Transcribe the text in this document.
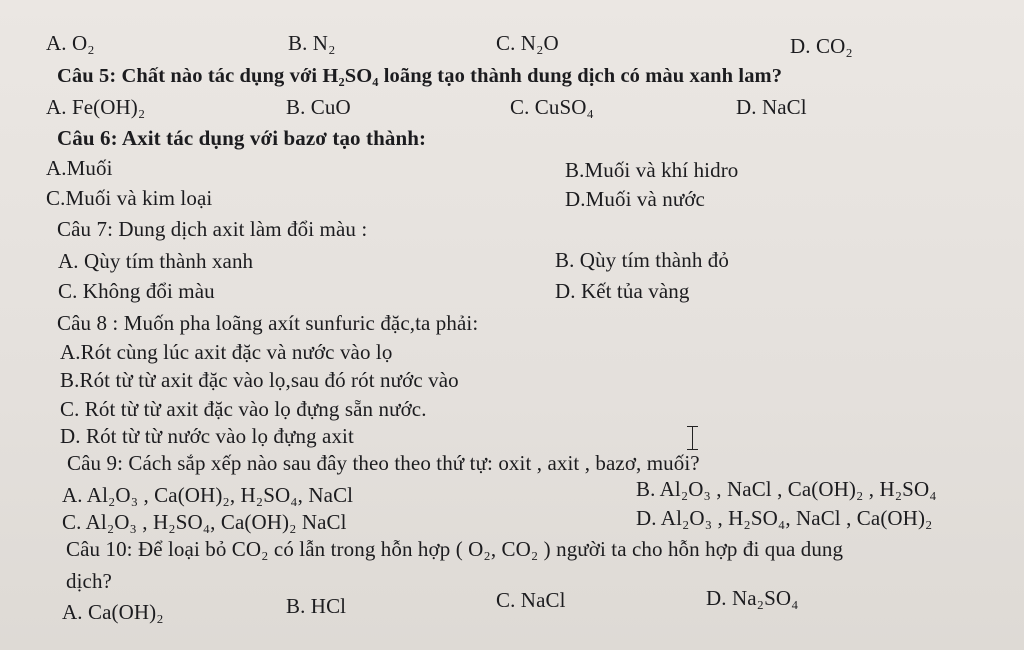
A. O₂	B. N₂	C. N₂O	D. CO₂
Câu 5: Chất nào tác dụng với H₂SO₄ loãng tạo thành dung dịch có màu xanh lam?
A. Fe(OH)₂	B. CuO	C. CuSO₄	D. NaCl
Câu 6: Axit tác dụng với bazơ tạo thành:
A.Muối	B.Muối và khí hidro
C.Muối và kim loại	D.Muối và nước
Câu 7: Dung dịch axit làm đổi màu :
A. Qùy tím thành xanh	B. Qùy tím thành đỏ
C. Không đổi màu	D. Kết tủa vàng
Câu 8 : Muốn pha loãng axít sunfuric đặc,ta phải:
A.Rót cùng lúc axit đặc và nước vào lọ
B.Rót từ từ axit đặc vào lọ,sau đó rót nước vào
C. Rót từ từ axit đặc vào lọ đựng sẵn nước.
D. Rót từ từ nước vào lọ đựng axit
Câu 9: Cách sắp xếp nào sau đây theo theo thứ tự: oxit , axit , bazơ, muối?
A. Al₂O₃ , Ca(OH)₂, H₂SO₄, NaCl	B. Al₂O₃ , NaCl , Ca(OH)₂ , H₂SO₄
C. Al₂O₃ , H₂SO₄, Ca(OH)₂ NaCl	D. Al₂O₃ , H₂SO₄, NaCl , Ca(OH)₂
Câu 10: Để loại bỏ CO₂ có lẫn trong hỗn hợp ( O₂, CO₂ ) người ta cho hỗn hợp đi qua dung
dịch?
A. Ca(OH)₂	B. HCl	C. NaCl	D. Na₂SO₄
